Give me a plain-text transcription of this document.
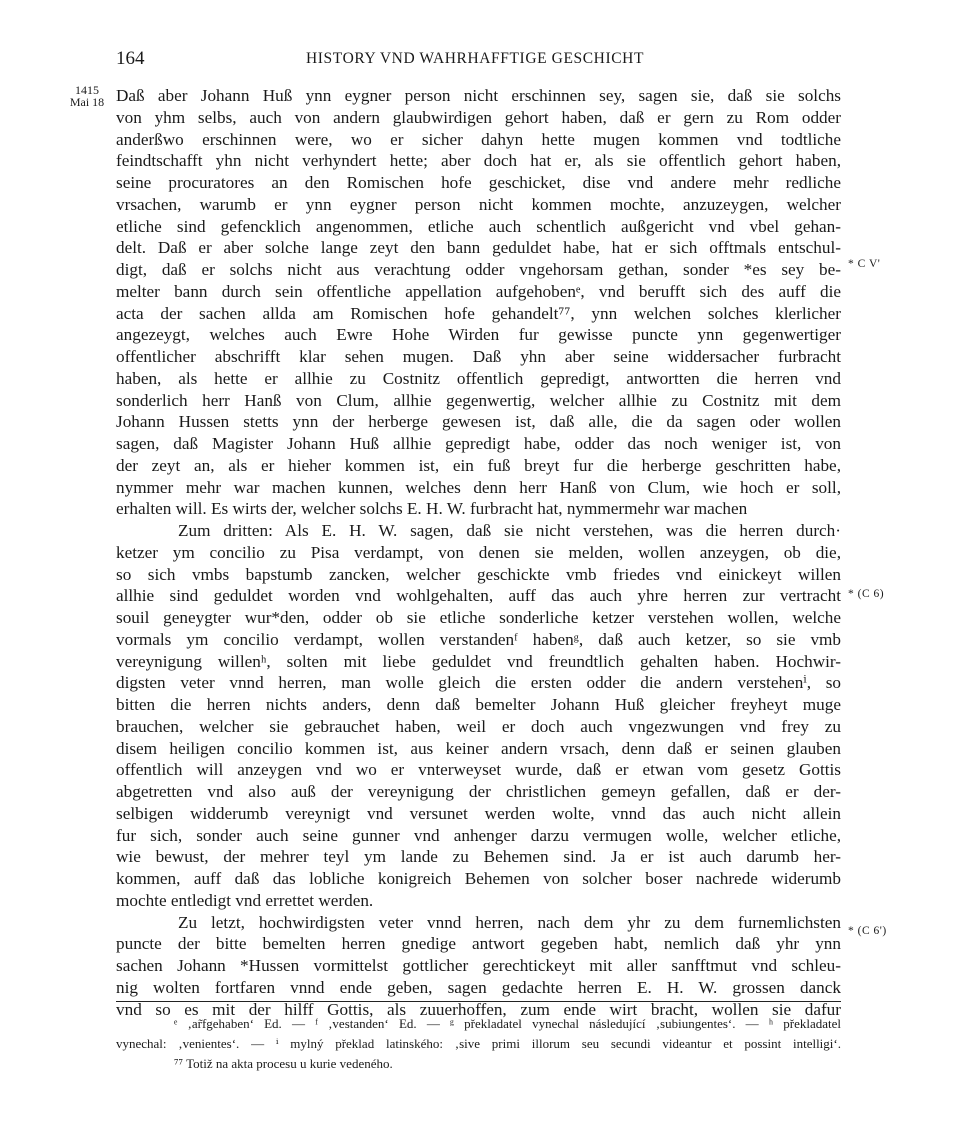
164	HISTORY VND WAHRHAFFTIGE GESCHICHT
1415
Mai 18 Daß aber Johann Huß ynn eygner person nicht erschinnen sey, sagen sie, daß sie solchs
von yhm selbs, auch von andern glaubwirdigen gehort haben, daß er gern zu Rom odder
anderßwo erschinnen were, wo er sicher dahyn hette mugen kommen vnd todtliche
feindtschafft yhn nicht verhyndert hette; aber doch hat er, als sie offentlich gehort haben,
seine procuratores an den Romischen hofe geschicket, dise vnd andere mehr redliche
vrsachen, warumb er ynn eygner person nicht kommen mochte, anzuzeygen, welcher
etliche sind gefencklich angenommen, etliche auch schentlich außgericht vnd vbel gehan-
delt. Daß er aber solche lange zeyt den bann geduldet habe, hat er sich offtmals entschul-
digt, daß er solchs nicht aus verachtung odder vngehorsam gethan, sonder *es sey be-
melter bann durch sein offentliche appellation aufgehobenᵉ, vnd berufft sich des auff die
acta der sachen allda am Romischen hofe gehandelt⁷⁷, ynn welchen solches klerlicher
angezeygt, welches auch Ewre Hohe Wirden fur gewisse puncte ynn gegenwertiger
offentlicher abschrifft klar sehen mugen. Daß yhn aber seine widdersacher furbracht
haben, als hette er allhie zu Costnitz offentlich gepredigt, antwortten die herren vnd
sonderlich herr Hanß von Clum, allhie gegenwertig, welcher allhie zu Costnitz mit dem
Johann Hussen stetts ynn der herberge gewesen ist, daß alle, die da sagen oder wollen
sagen, daß Magister Johann Huß allhie gepredigt habe, odder das noch weniger ist, von
der zeyt an, als er hieher kommen ist, ein fuß breyt fur die herberge geschritten habe,
nymmer mehr war machen kunnen, welches denn herr Hanß von Clum, wie hoch er soll,
erhalten will. Es wirts der, welcher solchs E. H. W. furbracht hat, nymmermehr war machen
Zum dritten: Als E. H. W. sagen, daß sie nicht verstehen, was die herren durch·
ketzer ym concilio zu Pisa verdampt, von denen sie melden, wollen anzeygen, ob die,
so sich vmbs bapstumb zancken, welcher geschickte vmb friedes vnd einickeyt willen
allhie sind geduldet worden vnd wohlgehalten, auff das auch yhre herren zur vertracht
souil geneygter wur*den, odder ob sie etliche sonderliche ketzer verstehen wollen, welche
vormals ym concilio verdampt, wollen verstandenᶠ habenᵍ, daß auch ketzer, so sie vmb
vereynigung willenʰ, solten mit liebe geduldet vnd freundtlich gehalten haben. Hochwir-
digsten veter vnnd herren, man wolle gleich die ersten odder die andern verstehenⁱ, so
bitten die herren nichts anders, denn daß bemelter Johann Huß gleicher freyheyt muge
brauchen, welcher sie gebrauchet haben, weil er doch auch vngezwungen vnd frey zu
disem heiligen concilio kommen ist, aus keiner andern vrsach, denn daß er seinen glauben
offentlich will anzeygen vnd wo er vnterweyset wurde, daß er etwan vom gesetz Gottis
abgetretten vnd also auß der vereynigung der christlichen gemeyn gefallen, daß er der-
selbigen widderumb vereynigt vnd versunet werden wolte, vnnd das auch nicht allein
fur sich, sonder auch seine gunner vnd anhenger darzu vermugen wolle, welcher etliche,
wie bewust, der mehrer teyl ym lande zu Behemen sind. Ja er ist auch darumb her-
kommen, auff daß das lobliche konigreich Behemen von solcher boser nachrede widerumb
mochte entledigt vnd errettet werden.
Zu letzt, hochwirdigsten veter vnnd herren, nach dem yhr zu dem furnemlichsten
puncte der bitte bemelten herren gnedige antwort gegeben habt, nemlich daß yhr ynn
sachen Johann *Hussen vormittelst gottlicher gerechtickeyt mit aller sanfftmut vnd schleu-
nig wolten fortfaren vnnd ende geben, sagen gedachte herren E. H. W. grossen danck
vnd so es mit der hilff Gottis, als zuuerhoffen, zum ende wirt bracht, wollen sie dafur
* C V'
* (C 6)
* (C 6')
ᵉ ‚ar̃fgehaben‘ Ed. — ᶠ ‚vestanden‘ Ed. — ᵍ překladatel vynechal následující ‚subiungentes‘. — ʰ překladatel
vynechal: ‚venientes‘. — ⁱ mylný překlad latinského: ‚sive primi illorum seu secundi videantur et possint intelligi‘.
⁷⁷ Totiž na akta procesu u kurie vedeného.
